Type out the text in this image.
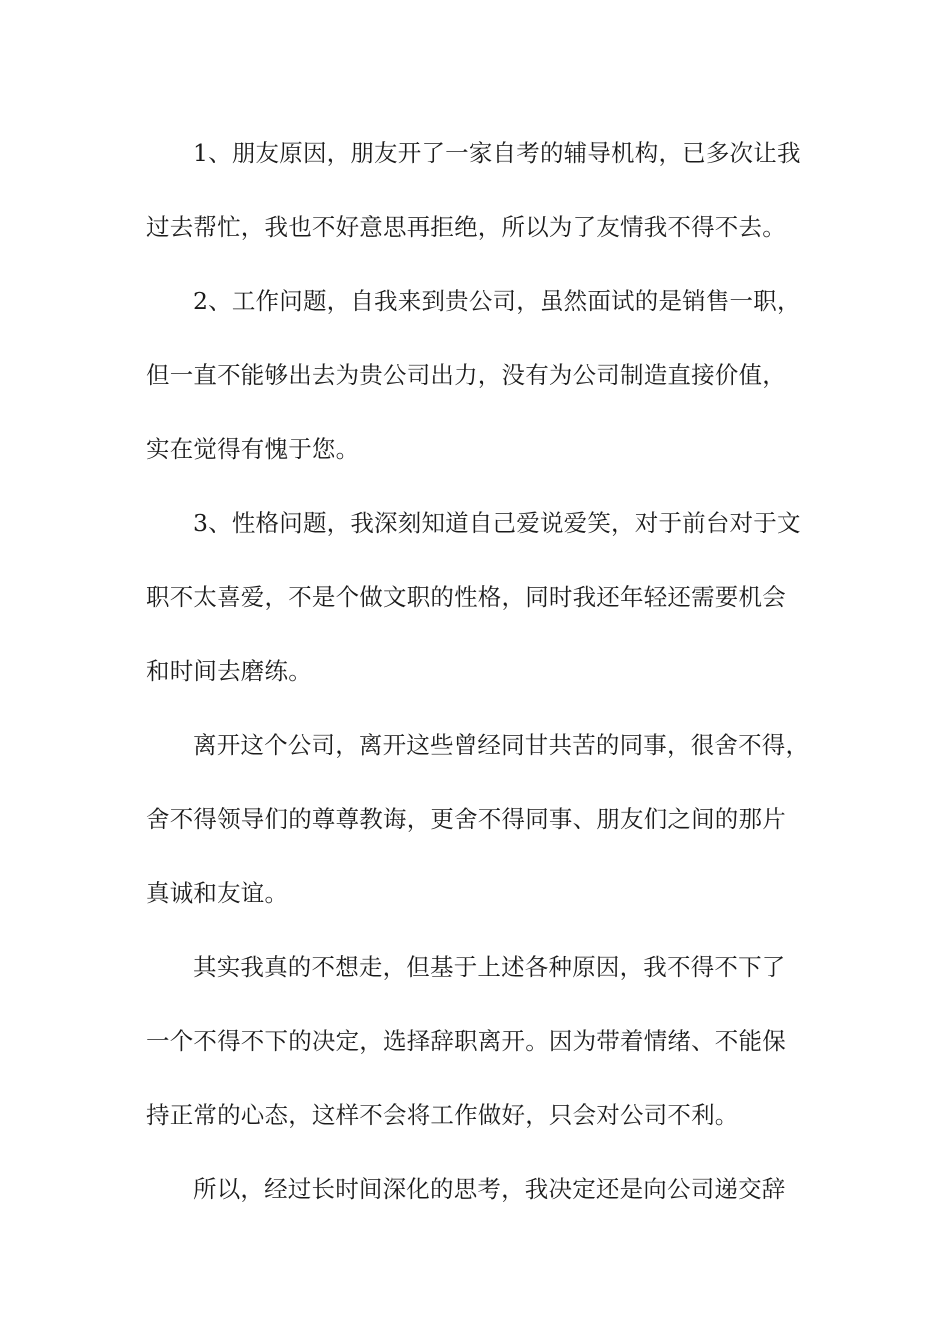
1、朋友原因，朋友开了一家自考的辅导机构，已多次让我
过去帮忙，我也不好意思再拒绝，所以为了友情我不得不去。
2、工作问题，自我来到贵公司，虽然面试的是销售一职，
但一直不能够出去为贵公司出力，没有为公司制造直接价值，
实在觉得有愧于您。
3、性格问题，我深刻知道自己爱说爱笑，对于前台对于文
职不太喜爱，不是个做文职的性格，同时我还年轻还需要机会
和时间去磨练。
离开这个公司，离开这些曾经同甘共苦的同事，很舍不得，
舍不得领导们的尊尊教诲，更舍不得同事、朋友们之间的那片
真诚和友谊。
其实我真的不想走，但基于上述各种原因，我不得不下了
一个不得不下的决定，选择辞职离开。因为带着情绪、不能保
持正常的心态，这样不会将工作做好，只会对公司不利。
所以，经过长时间深化的思考，我决定还是向公司递交辞
